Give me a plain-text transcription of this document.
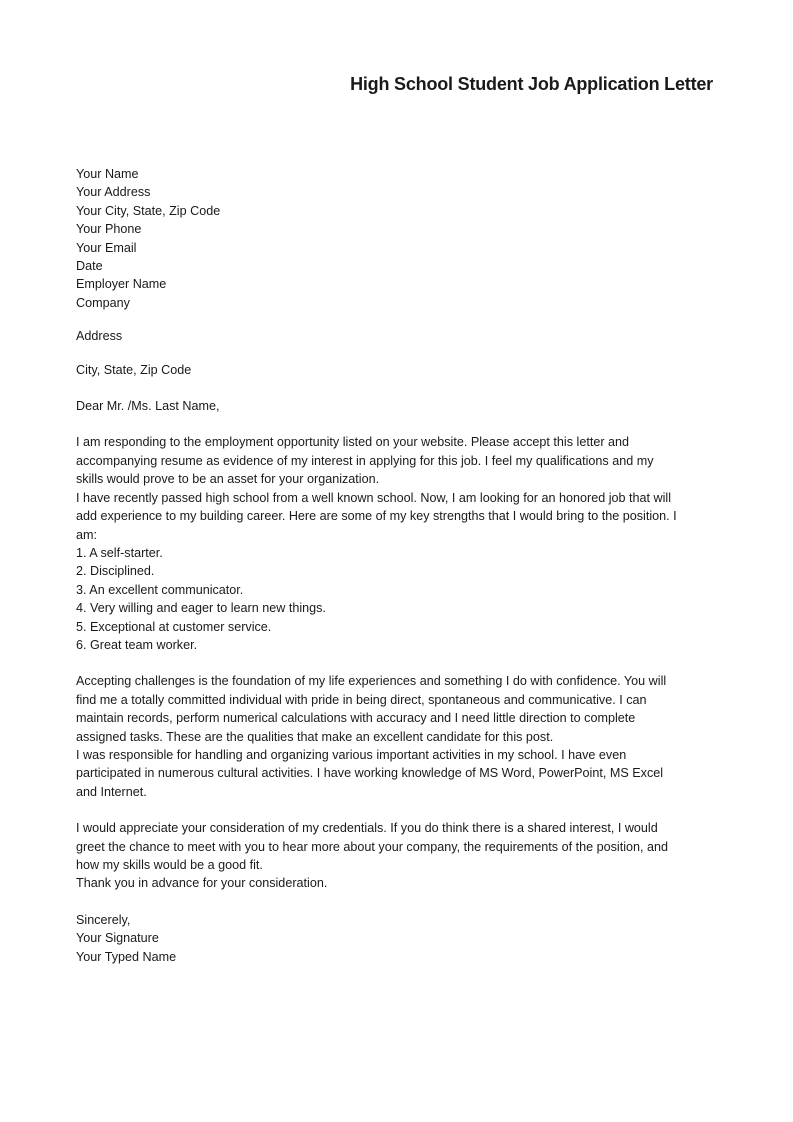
High School Student Job Application Letter
Your Name
Your Address
Your City, State, Zip Code
Your Phone
Your Email
Date
Employer Name
Company
Address
City, State, Zip Code
Dear Mr. /Ms. Last Name,
I am responding to the employment opportunity listed on your website. Please accept this letter and
accompanying resume as evidence of my interest in applying for this job. I feel my qualifications and my
skills would prove to be an asset for your organization.
I have recently passed high school from a well known school. Now, I am looking for an honored job that will
add experience to my building career. Here are some of my key strengths that I would bring to the position. I
am:
1. A self-starter.
2. Disciplined.
3. An excellent communicator.
4. Very willing and eager to learn new things.
5. Exceptional at customer service.
6. Great team worker.
Accepting challenges is the foundation of my life experiences and something I do with confidence. You will
find me a totally committed individual with pride in being direct, spontaneous and communicative. I can
maintain records, perform numerical calculations with accuracy and I need little direction to complete
assigned tasks. These are the qualities that make an excellent candidate for this post.
I was responsible for handling and organizing various important activities in my school. I have even
participated in numerous cultural activities. I have working knowledge of MS Word, PowerPoint, MS Excel
and Internet.
I would appreciate your consideration of my credentials. If you do think there is a shared interest, I would
greet the chance to meet with you to hear more about your company, the requirements of the position, and
how my skills would be a good fit.
Thank you in advance for your consideration.
Sincerely,
Your Signature
Your Typed Name
